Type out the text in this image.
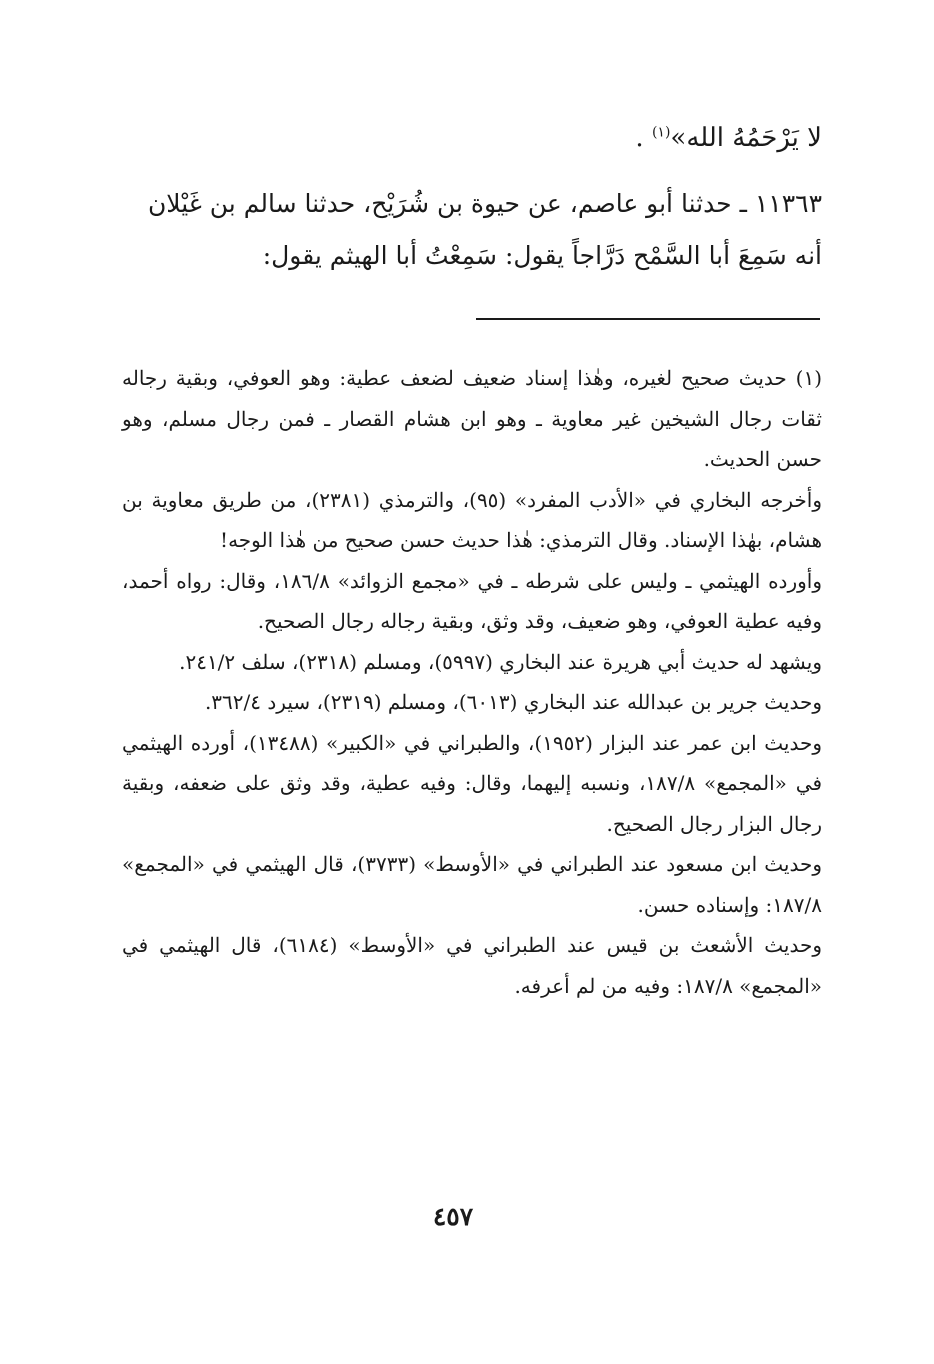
لا يَرْحَمُهُ الله»$^{(١)}$ .

١١٣٦٣ ـ حدثنا أبو عاصم، عن حيوة بن شُرَيْح، حدثنا سالم بن غَيْلان

أنه سَمِعَ أبا السَّمْح دَرَّاجاً يقول: سَمِعْتُ أبا الهيثم يقول:

(١) حديث صحيح لغيره، وهٰذا إسناد ضعيف لضعف عطية: وهو العوفي، وبقية رجاله ثقات رجال الشيخين غير معاوية ـ وهو ابن هشام القصار ـ فمن رجال مسلم، وهو حسن الحديث.

وأخرجه البخاري في «الأدب المفرد» (٩٥)، والترمذي (٢٣٨١)، من طريق معاوية بن هشام، بهٰذا الإسناد. وقال الترمذي: هٰذا حديث حسن صحيح من هٰذا الوجه!

وأورده الهيثمي ـ وليس على شرطه ـ في «مجمع الزوائد» ١٨٦/٨، وقال: رواه أحمد، وفيه عطية العوفي، وهو ضعيف، وقد وثق، وبقية رجاله رجال الصحيح.

ويشهد له حديث أبي هريرة عند البخاري (٥٩٩٧)، ومسلم (٢٣١٨)، سلف ٢٤١/٢.

وحديث جرير بن عبدالله عند البخاري (٦٠١٣)، ومسلم (٢٣١٩)، سيرد ٣٦٢/٤.

وحديث ابن عمر عند البزار (١٩٥٢)، والطبراني في «الكبير» (١٣٤٨٨)، أورده الهيثمي في «المجمع» ١٨٧/٨، ونسبه إليهما، وقال: وفيه عطية، وقد وثق على ضعفه، وبقية رجال البزار رجال الصحيح.

وحديث ابن مسعود عند الطبراني في «الأوسط» (٣٧٣٣)، قال الهيثمي في «المجمع» ١٨٧/٨: وإسناده حسن.

وحديث الأشعث بن قيس عند الطبراني في «الأوسط» (٦١٨٤)، قال الهيثمي في «المجمع» ١٨٧/٨: وفيه من لم أعرفه.

٤٥٧
